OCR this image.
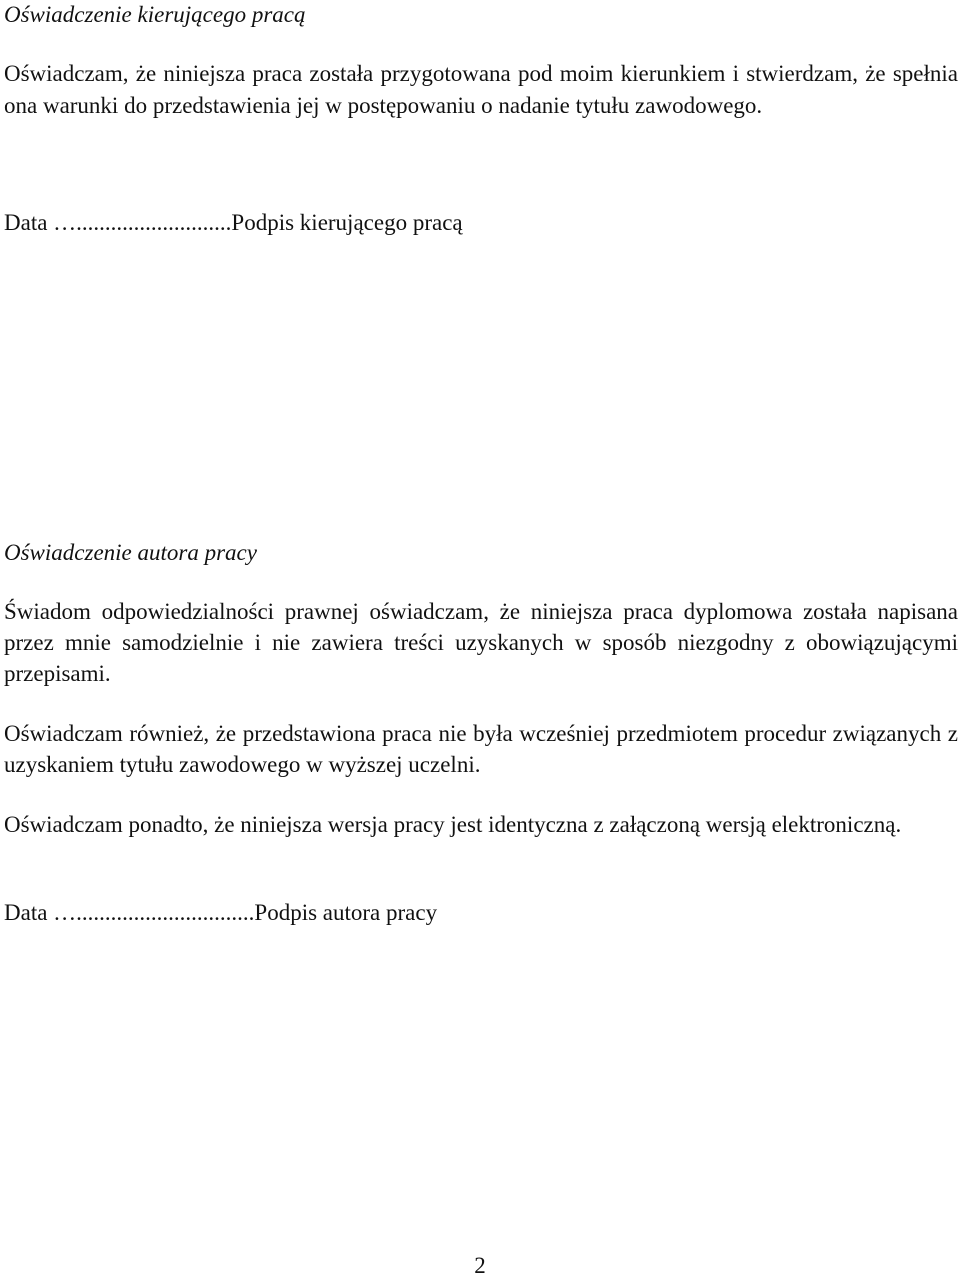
Oświadczenie kierującego pracą

Oświadczam, że niniejsza praca została przygotowana pod moim kierunkiem i stwierdzam, że spełnia ona warunki do przedstawienia jej w postępowaniu o nadanie tytułu zawodowego.

Data …...........................Podpis kierującego pracą

Oświadczenie autora pracy

Świadom odpowiedzialności prawnej oświadczam, że niniejsza praca dyplomowa została napisana przez mnie samodzielnie i nie zawiera treści uzyskanych w sposób niezgodny z obowiązującymi przepisami.

Oświadczam również, że przedstawiona praca nie była wcześniej przedmiotem procedur związanych z uzyskaniem tytułu zawodowego w wyższej uczelni.

Oświadczam ponadto, że niniejsza wersja pracy jest identyczna z załączoną wersją elektroniczną.

Data …...............................Podpis autora pracy

2
